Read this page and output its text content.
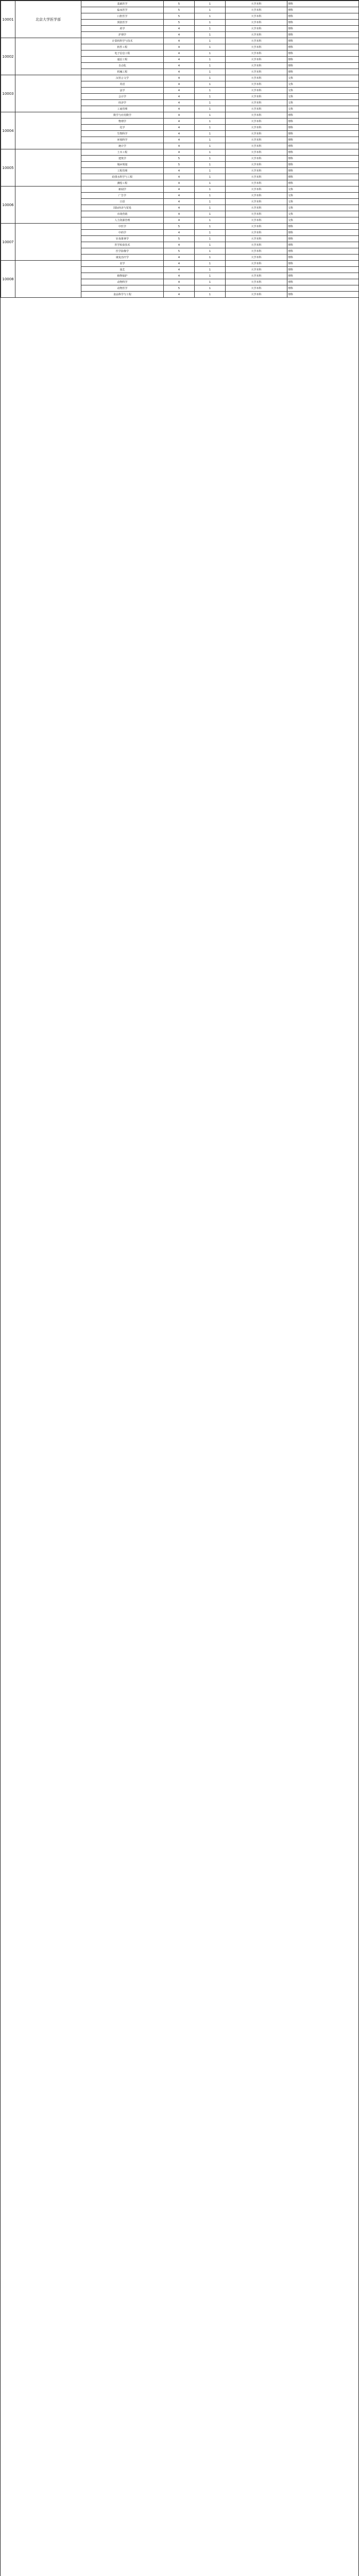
10001	北京大学医学部	基础医学	5	1	大学本科	理科
		临床医学	5	1	大学本科	理科
		口腔医学	5	1	大学本科	理科
		预防医学	5	1	大学本科	理科
		药学	4	1	大学本科	理科
		护理学	4	1	大学本科	理科
10002		计算机科学与技术	4	1	大学本科	理科
		软件工程	4	1	大学本科	理科
		电子信息工程	4	1	大学本科	理科
		通信工程	4	1	大学本科	理科
		自动化	4	1	大学本科	理科
		机械工程	4	1	大学本科	理科
10003		汉语言文学	4	1	大学本科	文科
		英语	4	1	大学本科	文科
		法学	4	1	大学本科	文科
		会计学	4	1	大学本科	文科
		经济学	4	1	大学本科	文科
		工商管理	4	1	大学本科	文科
10004		数学与应用数学	4	1	大学本科	理科
		物理学	4	1	大学本科	理科
		化学	4	1	大学本科	理科
		生物科学	4	1	大学本科	理科
		环境科学	4	1	大学本科	理科
		统计学	4	1	大学本科	理科
10005		土木工程	4	1	大学本科	理科
		建筑学	5	1	大学本科	理科
		城乡规划	5	1	大学本科	理科
		工程管理	4	1	大学本科	理科
		给排水科学与工程	4	1	大学本科	理科
		测绘工程	4	1	大学本科	理科
10006		新闻学	4	1	大学本科	文科
		广告学	4	1	大学本科	文科
		日语	4	1	大学本科	文科
		国际经济与贸易	4	1	大学本科	文科
		市场营销	4	1	大学本科	文科
		人力资源管理	4	1	大学本科	文科
10007		中医学	5	1	大学本科	理科
		中药学	4	1	大学本科	理科
		针灸推拿学	5	1	大学本科	理科
		医学检验技术	4	1	大学本科	理科
		医学影像学	5	1	大学本科	理科
		康复治疗学	4	1	大学本科	理科
10008		农学	4	1	大学本科	理科
		园艺	4	1	大学本科	理科
		植物保护	4	1	大学本科	理科
		动物科学	4	1	大学本科	理科
		动物医学	5	1	大学本科	理科
		食品科学与工程	4	1	大学本科	理科
